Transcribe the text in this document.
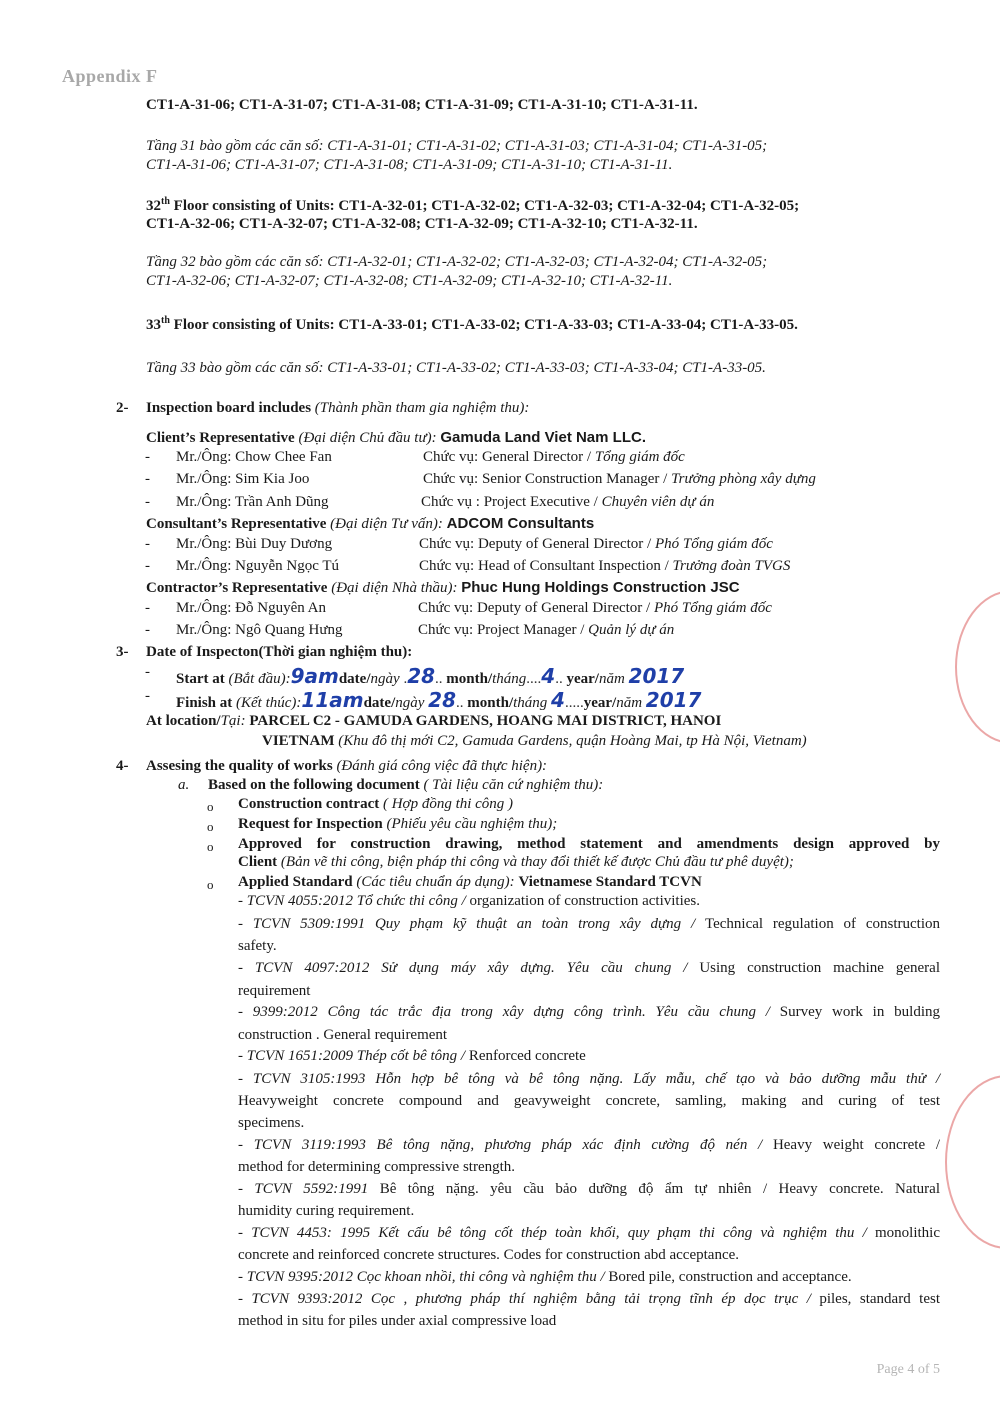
Appendix F
CT1-A-31-06; CT1-A-31-07; CT1-A-31-08; CT1-A-31-09; CT1-A-31-10; CT1-A-31-11.
Tầng 31 bào gồm các căn số: CT1-A-31-01; CT1-A-31-02; CT1-A-31-03; CT1-A-31-04; CT1-A-31-05;
CT1-A-31-06; CT1-A-31-07; CT1-A-31-08; CT1-A-31-09; CT1-A-31-10; CT1-A-31-11.
32th Floor consisting of Units: CT1-A-32-01; CT1-A-32-02; CT1-A-32-03; CT1-A-32-04; CT1-A-32-05;
CT1-A-32-06; CT1-A-32-07; CT1-A-32-08; CT1-A-32-09; CT1-A-32-10; CT1-A-32-11.
Tầng 32 bào gồm các căn số: CT1-A-32-01; CT1-A-32-02; CT1-A-32-03; CT1-A-32-04; CT1-A-32-05;
CT1-A-32-06; CT1-A-32-07; CT1-A-32-08; CT1-A-32-09; CT1-A-32-10; CT1-A-32-11.
33th Floor consisting of Units: CT1-A-33-01; CT1-A-33-02; CT1-A-33-03; CT1-A-33-04; CT1-A-33-05.
Tầng 33 bào gồm các căn số: CT1-A-33-01; CT1-A-33-02; CT1-A-33-03; CT1-A-33-04; CT1-A-33-05.
2- Inspection board includes (Thành phần tham gia nghiệm thu):
Client’s Representative (Đại diện Chủ đầu tư): Gamuda Land Viet Nam LLC.
- Mr./Ông: Chow Chee Fan	Chức vụ: General Director / Tổng giám đốc
- Mr./Ông: Sim Kia Joo	Chức vụ: Senior Construction Manager / Trưởng phòng xây dựng
- Mr./Ông: Trần Anh Dũng	Chức vụ : Project Executive / Chuyên viên dự án
Consultant’s Representative (Đại diện Tư vấn): ADCOM Consultants
- Mr./Ông: Bùi Duy Dương	Chức vụ: Deputy of General Director / Phó Tổng giám đốc
- Mr./Ông: Nguyễn Ngọc Tú	Chức vụ: Head of Consultant Inspection / Trưởng đoàn TVGS
Contractor’s Representative (Đại diện Nhà thầu): Phuc Hung Holdings Construction JSC
- Mr./Ông: Đỗ Nguyên An	Chức vụ: Deputy of General Director / Phó Tổng giám đốc
- Mr./Ông: Ngô Quang Hưng	Chức vụ: Project Manager / Quản lý dự án
3- Date of Inspecton(Thời gian nghiệm thu):
- Start at (Bắt đầu):9amdate/ngày .28.. month/tháng....4.. year/năm 2017
- Finish at (Kết thúc):11amdate/ngày 28.. month/tháng 4.....year/năm 2017
At location/Tại: PARCEL C2 - GAMUDA GARDENS, HOANG MAI DISTRICT, HANOI
VIETNAM (Khu đô thị mới C2, Gamuda Gardens, quận Hoàng Mai, tp Hà Nội, Vietnam)
4- Assesing the quality of works (Đánh giá công việc đã thực hiện):
a. Based on the following document ( Tài liệu căn cứ nghiệm thu):
o Construction contract ( Hợp đồng thi công )
o Request for Inspection (Phiếu yêu cầu nghiệm thu);
o Approved for construction drawing, method statement and amendments design approved by
Client (Bản vẽ thi công, biện pháp thi công và thay đổi thiết kế được Chủ đầu tư phê duyệt);
o Applied Standard (Các tiêu chuẩn áp dụng): Vietnamese Standard TCVN
- TCVN 4055:2012 Tổ chức thi công / organization of construction activities.
- TCVN 5309:1991 Quy phạm kỹ thuật an toàn trong xây dựng / Technical regulation of construction
safety.
- TCVN 4097:2012 Sử dụng máy xây dựng. Yêu cầu chung / Using construction machine general
requirement
- 9399:2012 Công tác trắc địa trong xây dựng công trình. Yêu cầu chung / Survey work in bulding
construction . General requirement
- TCVN 1651:2009 Thép cốt bê tông / Renforced concrete
- TCVN 3105:1993 Hỗn hợp bê tông và bê tông nặng. Lấy mẫu, chế tạo và bảo dưỡng mẫu thử /
Heavyweight concrete compound and geavyweight concrete, samling, making and curing of test
specimens.
- TCVN 3119:1993 Bê tông nặng, phương pháp xác định cường độ nén / Heavy weight concrete /
method for determining compressive strength.
- TCVN 5592:1991 Bê tông nặng. yêu cầu bảo dưỡng độ ẩm tự nhiên / Heavy concrete. Natural
humidity curing requirement.
- TCVN 4453: 1995 Kết cấu bê tông cốt thép toàn khối, quy phạm thi công và nghiệm thu / monolithic
concrete and reinforced concrete structures. Codes for construction abd acceptance.
- TCVN 9395:2012 Cọc khoan nhồi, thi công và nghiệm thu / Bored pile, construction and acceptance.
- TCVN 9393:2012 Cọc , phương pháp thí nghiệm bằng tải trọng tĩnh ép dọc trục / piles, standard test
method in situ for piles under axial compressive load
Page 4 of 5
